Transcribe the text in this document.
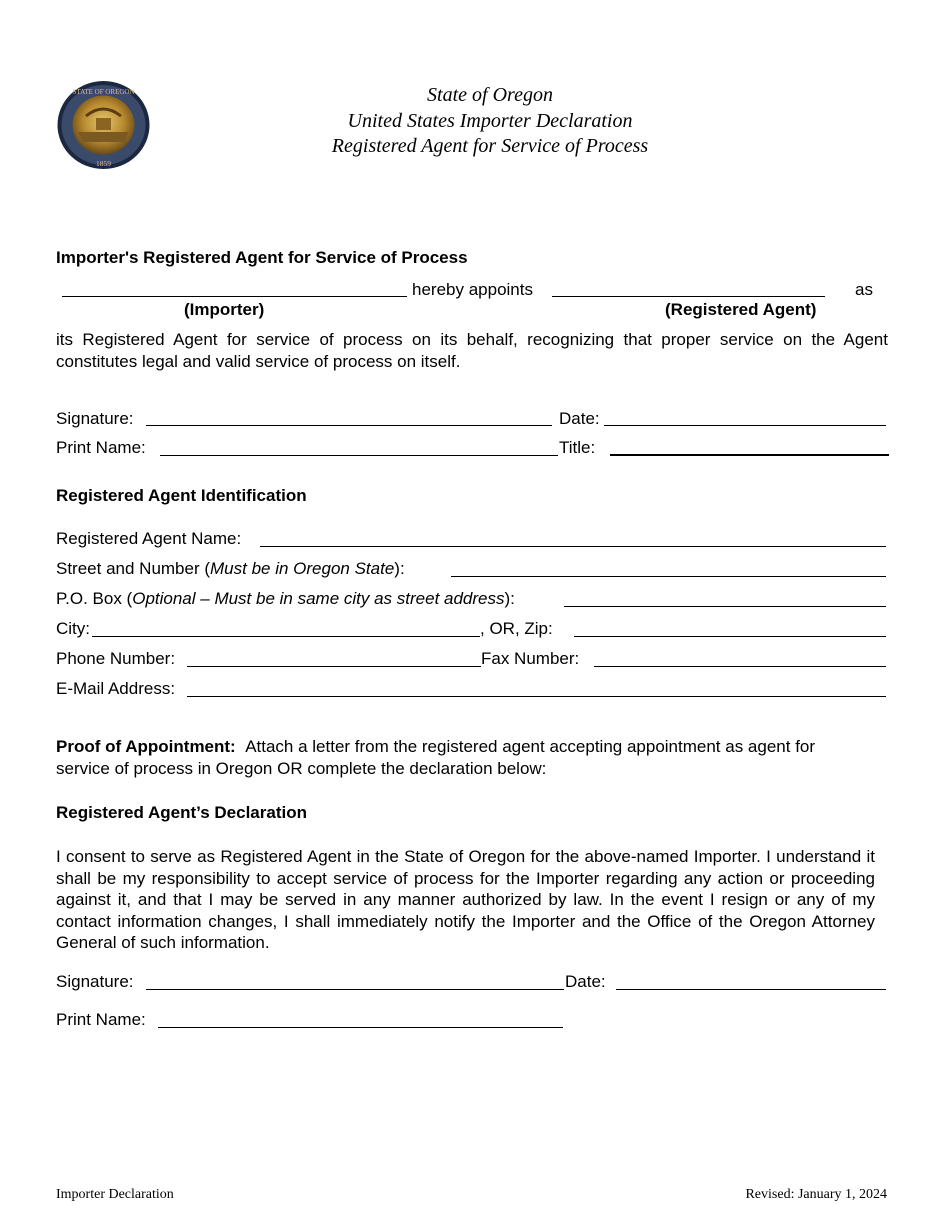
STATE OF OREGON
1859
State of Oregon
United States Importer Declaration
Registered Agent for Service of Process
Importer's Registered Agent for Service of Process
hereby appoints	as
(Importer)	(Registered Agent)
its Registered Agent for service of process on its behalf, recognizing that proper service on the Agent constitutes legal and valid service of process on itself.
Signature:	Date:
Print Name:	Title:
Registered Agent Identification
Registered Agent Name:
Street and Number (Must be in Oregon State):
P.O. Box (Optional – Must be in same city as street address):
City:	, OR, Zip:
Phone Number:	Fax Number:
E-Mail Address:
Proof of Appointment: Attach a letter from the registered agent accepting appointment as agent for
service of process in Oregon OR complete the declaration below:
Registered Agent’s Declaration
I consent to serve as Registered Agent in the State of Oregon for the above-named Importer. I understand it shall be my responsibility to accept service of process for the Importer regarding any action or proceeding against it, and that I may be served in any manner authorized by law. In the event I resign or any of my contact information changes, I shall immediately notify the Importer and the Office of the Oregon Attorney General of such information.
Signature:	Date:
Print Name:
Importer Declaration	Revised: January 1, 2024
